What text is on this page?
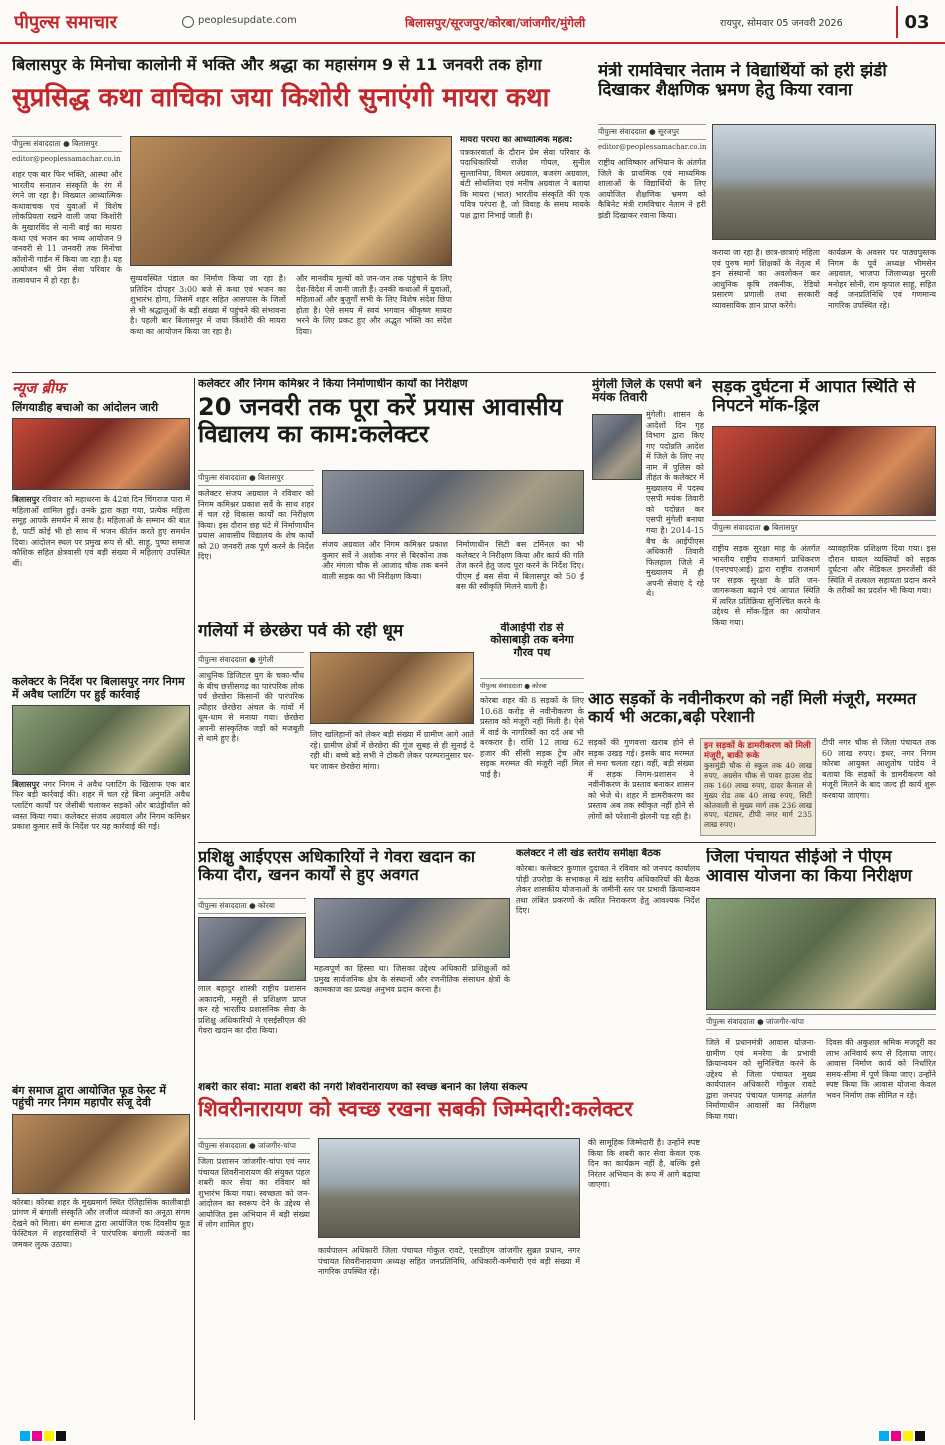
पीपुल्स समाचार	peoplesupdate.com	बिलासपुर/सूरजपुर/कोरबा/जांजगीर/मुंगेली	रायपुर, सोमवार 05 जनवरी 2026	03
बिलासपुर के मिनोचा कालोनी में भक्ति और श्रद्धा का महासंगम 9 से 11 जनवरी तक होगा
सुप्रसिद्ध कथा वाचिका जया किशोरी सुनाएंगी मायरा कथा
पीपुल्स संवाददाता ● बिलासपुर
editor@peoplessamachar.co.in
शहर एक बार फिर भक्ति, आस्था और भारतीय सनातन संस्कृति के रंग में रंगने जा रहा है। विख्यात आध्यात्मिक कथावाचक एवं युवाओं में विशेष लोकप्रियता रखने वाली जया किशोरी के मुखारविंद से नानी बाई का मायरा कथा एवं भजन का भव्य आयोजन 9 जनवरी से 11 जनवरी तक मिनोचा कॉलोनी गार्डन में किया जा रहा है। यह आयोजन श्री प्रेम सेवा परिवार के तत्वावधान में हो रहा है।	सुव्यवस्थित पंडाल का निर्माण किया जा रहा है। प्रतिदिन दोपहर 3:00 बजे से कथा एवं भजन का शुभारंभ होगा, जिसमें शहर सहित आसपास के जिलों से भी श्रद्धालुओं के बड़ी संख्या में पहुंचने की संभावना है। पहली बार बिलासपुर में जया किशोरी की मायरा कथा का आयोजन किया जा रहा है।
और मानवीय मूल्यों को जन-जन तक पहुंचाने के लिए देश-विदेश में जानी जाती हैं। उनकी कथाओं में युवाओं, महिलाओं और बुजुर्गों सभी के लिए विशेष संदेश छिपा होता है। ऐसे समय में स्वयं भगवान श्रीकृष्ण मायरा भरने के लिए प्रकट हुए और अद्भुत भक्ति का संदेश दिया।
मायरा परंपरा का आध्यात्मिक महत्व:
पत्रकारवार्ता के दौरान प्रेम सेवा परिवार के पदाधिकारियों राजेश गोयल, सुनील सुल्तानिया, विमल अग्रवाल, बजरंग अग्रवाल, बंटी सोथलिया एवं मनीष अग्रवाल ने बताया कि मायरा (भात) भारतीय संस्कृति की एक पवित्र परंपरा है, जो विवाह के समय मायके पक्ष द्वारा निभाई जाती है।
मंत्री रामविचार नेताम ने विद्यार्थियों को हरी झंडी दिखाकर शैक्षणिक भ्रमण हेतु किया रवाना
पीपुल्स संवाददाता ● सूरजपुर
editor@peoplessamachar.co.in
राष्ट्रीय आविष्कार अभियान के अंतर्गत जिले के प्राथमिक एवं माध्यमिक शालाओं के विद्यार्थियों के लिए आयोजित शैक्षणिक भ्रमण को कैबिनेट मंत्री रामविचार नेताम ने हरी झंडी दिखाकर रवाना किया।
कराया जा रहा है। छात्र-छात्राएं महिला एवं पुरुष मार्ग शिक्षकों के नेतृत्व में इन संस्थानों का अवलोकन कर आधुनिक कृषि तकनीक, रेडियो प्रसारण प्रणाली तथा सरकारी व्यावसायिक ज्ञान प्राप्त करेंगे।
कार्यक्रम के अवसर पर पाठ्यपुस्तक निगम के पूर्व अध्यक्ष भीमसेन अग्रवाल, भाजपा जिलाध्यक्ष मुरली मनोहर सोनी, राम कृपाल साहू, सहित कई जनप्रतिनिधि एवं गणमान्य नागरिक उपस्थित रहे।
न्यूज ब्रीफ
लिंगयाडीह बचाओ का आंदोलन जारी
बिलासपुर रविवार को महाधरना के 42वां दिन चिंगराज पारा में महिलाओं शामिल हुईं। उनके द्वारा कहा गया, प्रत्येक महिला समूह आपके समर्थन में साथ है। महिलाओं के सम्मान की बात है, पार्टी कोई भी हो साथ में भजन कीर्तन करते हुए समर्थन दिया। आंदोलन स्थल पर प्रमुख रूप से श्री. साहू, पुष्पा समाज कौशिक सहित क्षेत्रवासी एवं बड़ी संख्या में महिलाएं उपस्थित थीं।
कलेक्टर के निर्देश पर बिलासपुर नगर निगम में अवैध प्लाटिंग पर हुई कार्रवाई
बिलासपुर नगर निगम ने अवैध प्लाटिंग के खिलाफ एक बार फिर बड़ी कार्रवाई की। शहर में चल रहे बिना अनुमति अवैध प्लाटिंग कार्यों पर जेसीबी चलाकर सड़कों और बाउंड्रीवॉल को ध्वस्त किया गया। कलेक्टर संजय अग्रवाल और निगम कमिश्नर प्रकाश कुमार सर्वे के निर्देश पर यह कार्रवाई की गई।
बंग समाज द्वारा आयोजित फूड फेस्ट में पहुंची नगर निगम महापौर संजू देवी
कोरबा। कोरबा शहर के मुख्यमार्ग स्थित ऐतिहासिक कालीबाड़ी प्रांगण में बंगाली संस्कृति और लजीज व्यंजनों का अनूठा संगम देखने को मिला। बंग समाज द्वारा आयोजित एक दिवसीय फूड फेस्टिवल में शहरवासियों ने पारंपरिक बंगाली व्यंजनों का जमकर लुत्फ उठाया।
कलेक्टर और निगम कमिश्नर ने किया निर्माणाधीन कार्यों का निरीक्षण
20 जनवरी तक पूरा करें प्रयास आवासीय विद्यालय का काम:कलेक्टर
पीपुल्स संवाददाता ● बिलासपुर
कलेक्टर संजय अग्रवाल ने रविवार को निगम कमिश्नर प्रकाश सर्वे के साथ शहर में चल रहे विकास कार्यों का निरीक्षण किया। इस दौरान छह घंटे में निर्माणाधीन प्रयास आवासीय विद्यालय के शेष कार्यों को 20 जनवरी तक पूर्ण करने के निर्देश दिए।
संजय अग्रवाल और निगम कमिश्नर प्रकाश कुमार सर्वे ने अशोक नगर से बिरकोना तक और मंगला चौक से आजाद चौक तक बनने वाली सड़क का भी निरीक्षण किया।
निर्माणाधीन सिटी बस टर्मिनल का भी कलेक्टर ने निरीक्षण किया और कार्य की गति तेज करने हेतु जल्द पूरा करने के निर्देश दिए। पीएम ई बस सेवा में बिलासपुर को 50 ई बस की स्वीकृति मिलने वाली है।
मुंगेली जिले के एसपी बने मयंक तिवारी
मुंगेली। शासन के आदेशों दिन गृह विभाग द्वारा किए गए पदोन्नति आदेश में जिले के लिए नए नाम में पुलिस को तीहंत के कलेक्टर में मुख्यालय में पदस्थ एसपी मयंक तिवारी को पदोन्नत कर एसपी मुंगेली बनाया गया है। 2014-15 बैच के आईपीएस अधिकारी तिवारी फिलहाल जिले में मुख्यालय में ही अपनी सेवाएं दे रहे थे।
सड़क दुर्घटना में आपात स्थिति से निपटने मॉक-ड्रिल
पीपुल्स संवाददाता ● बिलासपुर
राष्ट्रीय सड़क सुरक्षा माह के अंतर्गत भारतीय राष्ट्रीय राजमार्ग प्राधिकरण (एनएचएआई) द्वारा राष्ट्रीय राजमार्ग पर सड़क सुरक्षा के प्रति जन-जागरूकता बढ़ाने एवं आपात स्थिति में त्वरित प्रतिक्रिया सुनिश्चित करने के उद्देश्य से मॉक-ड्रिल का आयोजन किया गया।
व्यावहारिक प्रशिक्षण दिया गया। इस दौरान घायल व्यक्तियों को सड़क दुर्घटना और मेडिकल इमरजेंसी की स्थिति में तत्काल सहायता प्रदान करने के तरीकों का प्रदर्शन भी किया गया।
गलियों में छेरछेरा पर्व की रही धूम
पीपुल्स संवाददाता ● मुंगेली
आधुनिक डिजिटल युग के चका-चौंध के बीच छत्तीसगढ़ का पारंपरिक लोक पर्व छेरछेरा किसानों की पारंपरिक त्यौहार छेरछेरा अंचल के गांवों में धूम-धाम से मनाया गया। छेरछेरा अपनी सांस्कृतिक जड़ों को मजबूती से थामे हुए है।	लिए खलिहानों को लेकर बड़ी संख्या में ग्रामीण आगे आते रहे। ग्रामीण क्षेत्रों में छेरछेरा की गूंज सुबह से ही सुनाई दे रही थी। बच्चे बड़े सभी ने टोकरी लेकर परम्परानुसार घर-घर जाकर छेरछेरा मांगा।
वीआईपी रोड से कोसाबाड़ी तक बनेगा गौरव पथ
पीपुल्स संवाददाता ● कोरबा
कोरबा शहर की 8 सड़कों के लिए 10.68 करोड़ से नवीनीकरण के प्रस्ताव को मंजूरी नहीं मिली है। ऐसे में वार्ड के नागरिकों का दर्द अब भी बरकरार है। राशि 12 लाख 62 हजार की सीसी सड़क ट्रेंच और सड़क मरम्मत की मंजूरी नहीं मिल पाई है।
आठ सड़कों के नवीनीकरण को नहीं मिली मंजूरी, मरम्मत कार्य भी अटका,बढ़ी परेशानी
सड़कों की गुणवत्ता खराब होने से सड़क उखड़ गई। इसके बाद मरम्मत से मना चलता रहा। वहीं, बड़ी संख्या में सड़क निगम-प्रशासन ने नवीनीकरण के प्रस्ताव बनाकर शासन को भेजे थे। शहर में डामरीकरण का प्रस्ताव अब तक स्वीकृत नहीं होने से लोगों को परेशानी झेलनी पड़ रही है।
इन सड़कों के डामरीकरण को मिली मंजूरी, बाकी रूके
कुसमुंडी चौक से स्कूल तक 40 लाख रुपए, अग्रसेन चौक से पावर हाउस रोड तक 160 लाख रुपए, दादर कैनाल से मुख्य रोड तक 40 लाख रुपए, सिटी कोतवाली से मुख्य मार्ग तक 236 लाख रुपए, घंटाघर, टीपी नगर मार्ग 235 लाख रुपए।
टीपी नगर चौक से जिला पंचायत तक 60 लाख रुपए। इधर, नगर निगम कोरबा आयुक्त आशुतोष पांडेय ने बताया कि सड़कों के डामरीकरण को मंजूरी मिलने के बाद जल्द ही कार्य शुरू करवाया जाएगा।
प्रशिक्षु आईएएस अधिकारियों ने गेवरा खदान का किया दौरा, खनन कार्यों से हुए अवगत
पीपुल्स संवाददाता ● कोरबा
लाल बहादुर शास्त्री राष्ट्रीय प्रशासन अकादमी, मसूरी से प्रशिक्षण प्राप्त कर रहे भारतीय प्रशासनिक सेवा के प्रशिक्षु अधिकारियों ने एसईसीएल की गेवरा खदान का दौरा किया।
महत्वपूर्ण का हिस्सा था। जिसका उद्देश्य अधिकारी प्रशिक्षुओं को प्रमुख सार्वजनिक क्षेत्र के संस्थानों और रणनीतिक संसाधन क्षेत्रों के कामकाज का प्रत्यक्ष अनुभव प्रदान करना है।
कलेक्टर ने ली खंड स्तरीय समीक्षा बैठक
कोरबा। कलेक्टर कुणाल दुदावत ने रविवार को जनपद कार्यालय पोड़ी उपरोड़ा के सभाकक्ष में खंड स्तरीय अधिकारियों की बैठक लेकर शासकीय योजनाओं के जमीनी स्तर पर प्रभावी क्रियान्वयन तथा लंबित प्रकरणों के त्वरित निराकरण हेतु आवश्यक निर्देश दिए।
जिला पंचायत सीईओ ने पीएम आवास योजना का किया निरीक्षण
पीपुल्स संवाददाता ● जांजगीर-चांपा
जिले में प्रधानमंत्री आवास योजना-ग्रामीण एवं मनरेगा के प्रभावी क्रियान्वयन को सुनिश्चित करने के उद्देश्य से जिला पंचायत मुख्य कार्यपालन अधिकारी गोकुल रावटे द्वारा जनपद पंचायत पामगढ़ अंतर्गत निर्माणाधीन आवासों का निरीक्षण किया गया।
दिवस की अकुशल श्रमिक मजदूरी का लाभ अनिवार्य रूप से दिलाया जाए। आवास निर्माण कार्य को निर्धारित समय-सीमा में पूर्ण किया जाए। उन्होंने स्पष्ट किया कि आवास योजना केवल भवन निर्माण तक सीमित न रहे।
शबरी कार सेवा: माता शबरी की नगरी शिवरीनारायण को स्वच्छ बनाने का लिया संकल्प
शिवरीनारायण को स्वच्छ रखना सबकी जिम्मेदारी:कलेक्टर
पीपुल्स संवाददाता ● जांजगीर-चांपा
जिला प्रशासन जांजगीर-चांपा एवं नगर पंचायत शिवरीनारायण की संयुक्त पहल शबरी कार सेवा का रविवार को शुभारंभ किया गया। स्वच्छता को जन-आंदोलन का स्वरूप देने के उद्देश्य से आयोजित इस अभियान में बड़ी संख्या में लोग शामिल हुए।
कार्यपालन अधिकारी जिला पंचायत गोकुल रावटे, एसडीएम जांजगीर सुब्रत प्रधान, नगर पंचायत शिवरीनारायण अध्यक्ष सहित जनप्रतिनिधि, अधिकारी-कर्मचारी एवं बड़ी संख्या में नागरिक उपस्थित रहे।
की सामूहिक जिम्मेदारी है। उन्होंने स्पष्ट किया कि शबरी कार सेवा केवल एक दिन का कार्यक्रम नहीं है, बल्कि इसे निरंतर अभियान के रूप में आगे बढ़ाया जाएगा।
